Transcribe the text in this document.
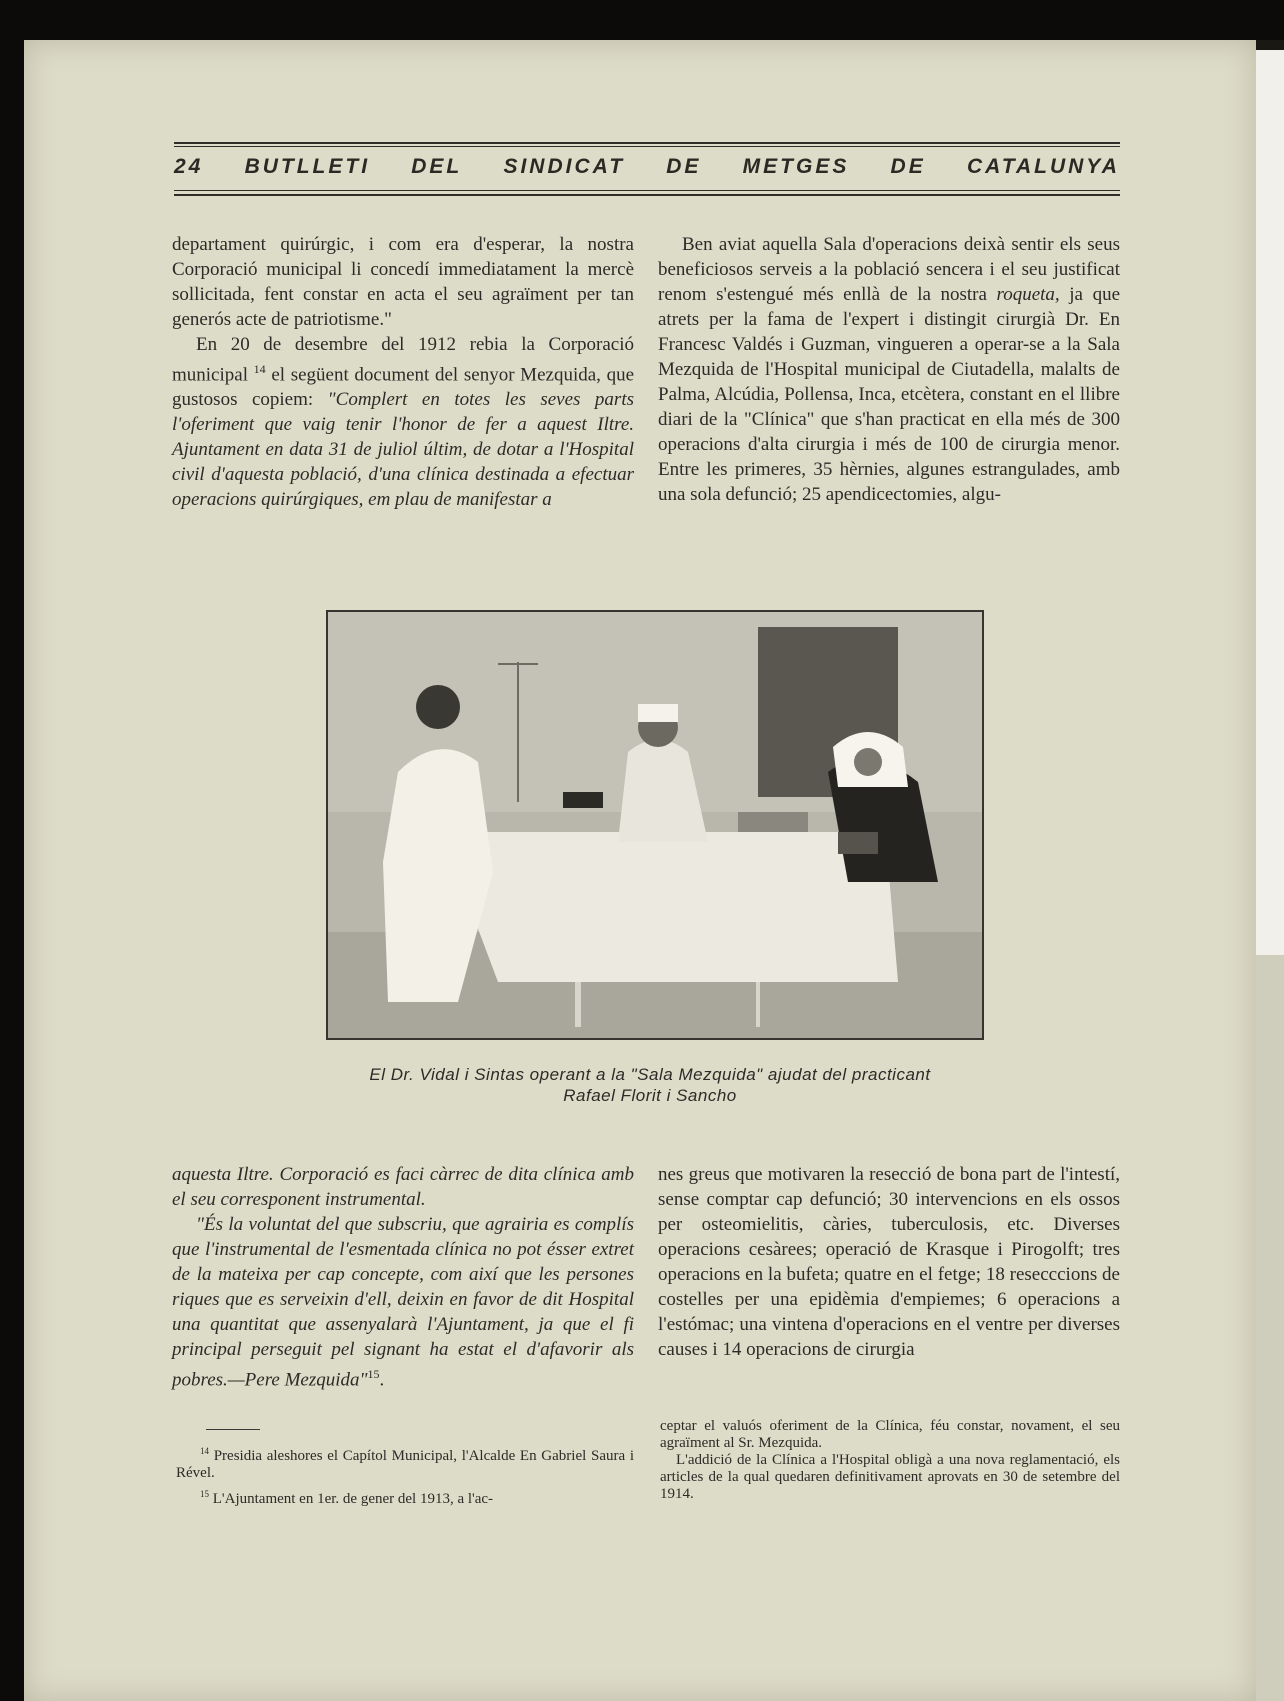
24 BUTLLETI DEL SINDICAT DE METGES DE CATALUNYA

departament quirúrgic, i com era d'esperar, la nostra Corporació municipal li concedí immediatament la mercè sollicitada, fent constar en acta el seu agraïment per tan generós acte de patriotisme."

En 20 de desembre del 1912 rebia la Corporació municipal $^{14}$ el següent document del senyor Mezquida, que gustosos copiem: "Complert en totes les seves parts l'oferiment que vaig tenir l'honor de fer a aquest Iltre. Ajuntament en data 31 de juliol últim, de dotar a l'Hospital civil d'aquesta població, d'una clínica destinada a efectuar operacions quirúrgiques, em plau de manifestar a

Ben aviat aquella Sala d'operacions deixà sentir els seus beneficiosos serveis a la població sencera i el seu justificat renom s'estengué més enllà de la nostra roqueta, ja que atrets per la fama de l'expert i distingit cirurgià Dr. En Francesc Valdés i Guzman, vingueren a operar-se a la Sala Mezquida de l'Hospital municipal de Ciutadella, malalts de Palma, Alcúdia, Pollensa, Inca, etcètera, constant en el llibre diari de la "Clínica" que s'han practicat en ella més de 300 operacions d'alta cirurgia i més de 100 de cirurgia menor. Entre les primeres, 35 hèrnies, algunes estrangulades, amb una sola defunció; 25 apendicectomies, algu-

El Dr. Vidal i Sintas operant a la "Sala Mezquida" ajudat del practicant
Rafael Florit i Sancho

aquesta Iltre. Corporació es faci càrrec de dita clínica amb el seu corresponent instrumental.

"És la voluntat del que subscriu, que agrairia es complís que l'instrumental de l'esmentada clínica no pot ésser extret de la mateixa per cap concepte, com així que les persones riques que es serveixin d'ell, deixin en favor de dit Hospital una quantitat que assenyalarà l'Ajuntament, ja que el fi principal perseguit pel signant ha estat el d'afavorir als pobres.—Pere Mezquida"$^{15}$.

nes greus que motivaren la resecció de bona part de l'intestí, sense comptar cap defunció; 30 intervencions en els ossos per osteomielitis, càries, tuberculosis, etc. Diverses operacions cesàrees; operació de Krasque i Pirogolft; tres operacions en la bufeta; quatre en el fetge; 18 resecccions de costelles per una epidèmia d'empiemes; 6 operacions a l'estómac; una vintena d'operacions en el ventre per diverses causes i 14 operacions de cirurgia

$^{14}$ Presidia aleshores el Capítol Municipal, l'Alcalde En Gabriel Saura i Rével.

$^{15}$ L'Ajuntament en 1er. de gener del 1913, a l'ac-

ceptar el valuós oferiment de la Clínica, féu constar, novament, el seu agraïment al Sr. Mezquida.

L'addició de la Clínica a l'Hospital obligà a una nova reglamentació, els articles de la qual quedaren definitivament aprovats en 30 de setembre del 1914.
